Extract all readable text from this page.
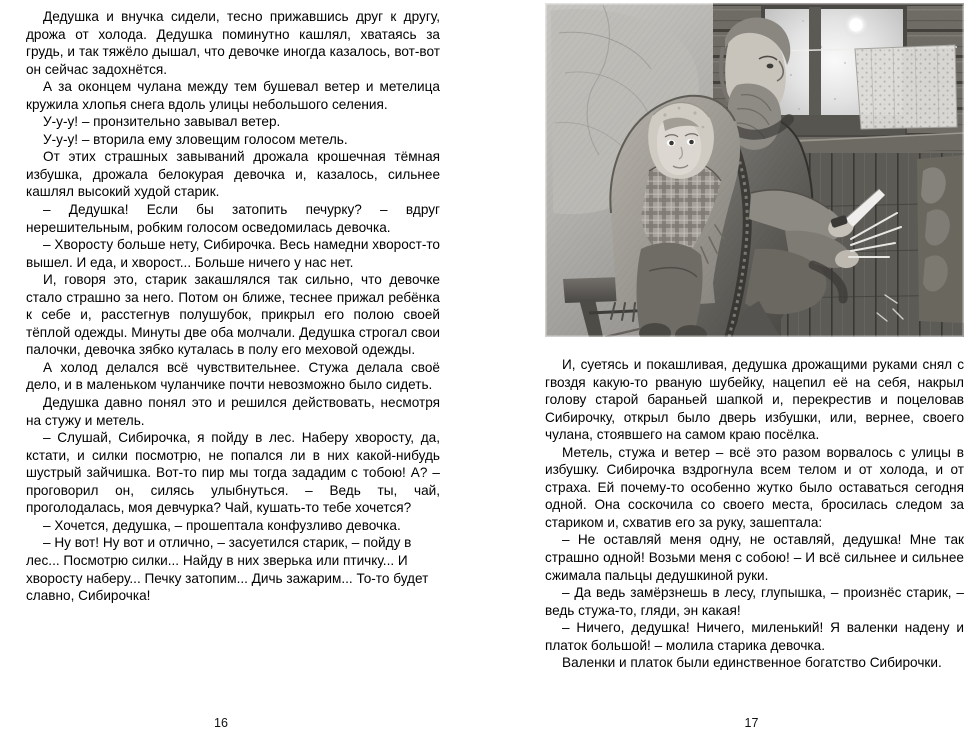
Дедушка и внучка сидели, тесно прижавшись друг к другу, дрожа от холода. Дедушка поминутно кашлял, хватаясь за грудь, и так тяжёло дышал, что девочке иногда казалось, вот-вот он сейчас задохнётся.

А за оконцем чулана между тем бушевал ветер и метелица кружила хлопья снега вдоль улицы небольшого селения.

У-у-у! – пронзительно завывал ветер.

У-у-у! – вторила ему зловещим голосом метель.

От этих страшных завываний дрожала крошечная тёмная избушка, дрожала белокурая девочка и, казалось, сильнее кашлял высокий худой старик.

– Дедушка! Если бы затопить печурку? – вдруг нерешительным, робким голосом осведомилась девочка.

– Хворосту больше нету, Сибирочка. Весь намедни хворост-то вышел. И еда, и хворост... Больше ничего у нас нет.

И, говоря это, старик закашлялся так сильно, что девочке стало страшно за него. Потом он ближе, теснее прижал ребёнка к себе и, расстегнув полушубок, прикрыл его полою своей тёплой одежды. Минуты две оба молчали. Дедушка строгал свои палочки, девочка зябко куталась в полу его меховой одежды.

А холод делался всё чувствительнее. Стужа делала своё дело, и в маленьком чуланчике почти невозможно было сидеть.

Дедушка давно понял это и решился действовать, несмотря на стужу и метель.

– Слушай, Сибирочка, я пойду в лес. Наберу хворосту, да, кстати, и силки посмотрю, не попался ли в них какой-нибудь шустрый зайчишка. Вот-то пир мы тогда зададим с тобою! А? – проговорил он, силясь улыбнуться. – Ведь ты, чай, проголодалась, моя девчурка? Чай, кушать-то тебе хочется?

– Хочется, дедушка, – прошептала конфузливо девочка.

– Ну вот! Ну вот и отлично, – засуетился старик, – пойду в лес... Посмотрю силки... Найду в них зверька или птичку... И хворосту наберу... Печку затопим... Дичь зажарим... То-то будет славно, Сибирочка!

16

И, суетясь и покашливая, дедушка дрожащими руками снял с гвоздя какую-то рваную шубейку, нацепил её на себя, накрыл голову старой бараньей шапкой и, перекрестив и поцеловав Сибирочку, открыл было дверь избушки, или, вернее, своего чулана, стоявшего на самом краю посёлка.

Метель, стужа и ветер – всё это разом ворвалось с улицы в избушку. Сибирочка вздрогнула всем телом и от холода, и от страха. Ей почему-то особенно жутко было оставаться сегодня одной. Она соскочила со своего места, бросилась следом за стариком и, схватив его за руку, зашептала:

– Не оставляй меня одну, не оставляй, дедушка! Мне так страшно одной! Возьми меня с собою! – И всё сильнее и сильнее сжимала пальцы дедушкиной руки.

– Да ведь замёрзнешь в лесу, глупышка, – произнёс старик, – ведь стужа-то, гляди, эн какая!

– Ничего, дедушка! Ничего, миленький! Я валенки надену и платок большой! – молила старика девочка.

Валенки и платок были единственное богатство Сибирочки.

17
